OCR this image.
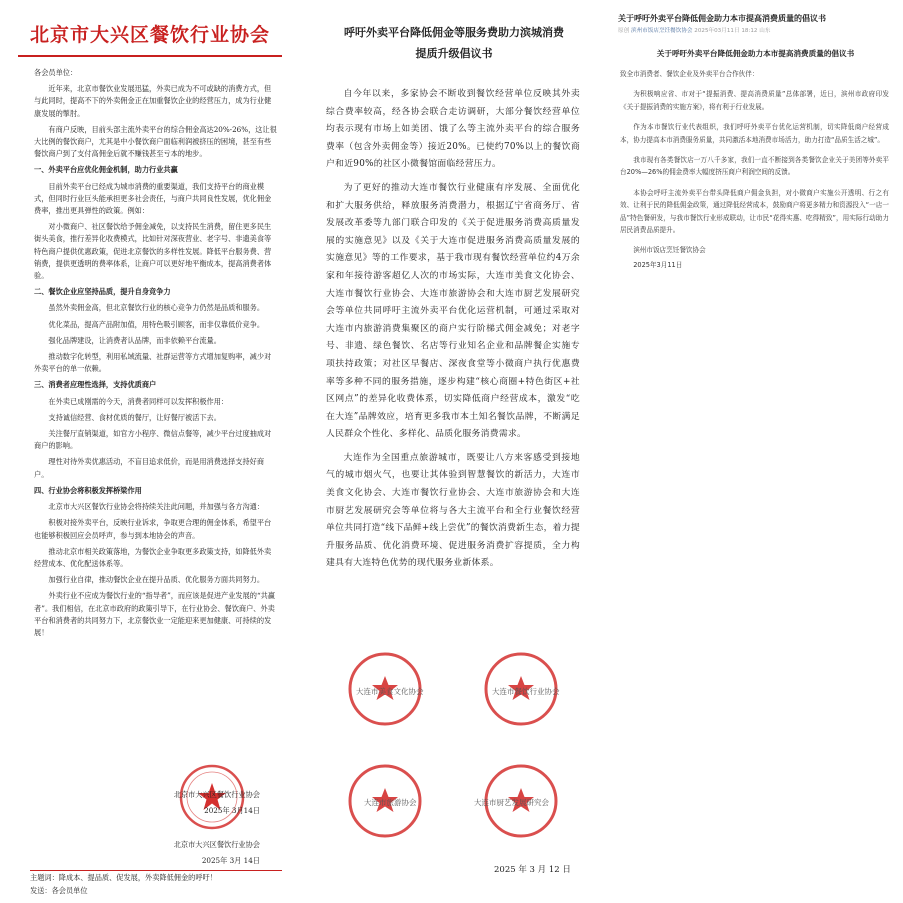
北京市大兴区餐饮行业协会

各会员单位：

近年来，北京市餐饮业发展迅猛，外卖已成为不可或缺的消费方式，但与此同时，提高不下的外卖佣金正在加重餐饮企业的经营压力，成为行业健康发展的掣肘。

有商户反映，目前头部主流外卖平台的综合佣金高达20%-26%，这让很大比例的餐饮商户，尤其是中小餐饮商户面临利润被挤压的困境，甚至有些餐饮商户到了支付高佣金后就不赚钱甚至亏本的地步。

一、外卖平台应优化佣金机制，助力行业共赢

目前外卖平台已经成为城市消费的重要渠道，我们支持平台的商业模式，但同时行业巨头能承担更多社会责任，与商户共同良性发展，优化佣金费率，推出更具弹性的政策。例如：

对小微商户、社区餐饮给予佣金减免，以支持民生消费，留住更多民生街头美食，推行差异化收费模式，比如针对深夜营业、老字号、非遗美食等特色商户提供优惠政策，促进北京餐饮的多样性发展。降低平台服务费、营销费，提供更透明的费率体系，让商户可以更好地平衡成本，提高消费者体验。

二、餐饮企业应坚持品质，提升自身竞争力

虽然外卖佣金高，但北京餐饮行业的核心竞争力仍然是品质和服务。

优化菜品，提高产品附加值，用特色吸引顾客，而非仅靠低价竞争。

强化品牌建设，让消费者认品牌，而非依赖平台流量。

推动数字化转型，利用私域流量、社群运营等方式增加复购率，减少对外卖平台的单一依赖。

三、消费者应理性选择，支持优质商户

在外卖已成刚需的今天，消费者同样可以发挥积极作用：

支持诚信经营、食材优质的餐厅，让好餐厅被活下去。

关注餐厅直销渠道，如官方小程序、微信点餐等，减少平台过度抽成对商户的影响。

理性对待外卖优惠活动，不盲目追求低价，而是用消费选择支持好商户。

四、行业协会将积极发挥桥梁作用

北京市大兴区餐饮行业协会将持续关注此问题，并加强与各方沟通：

积极对接外卖平台，反映行业诉求，争取更合理的佣金体系，希望平台也能够积极回应会员呼声，参与到本地协会的声音。

推动北京市相关政策落地，为餐饮企业争取更多政策支持，如降低外卖经营成本、优化配送体系等。

加强行业自律，推动餐饮企业在提升品质、优化服务方面共同努力。

外卖行业不应成为餐饮行业的“指导者”，而应该是促进产业发展的“共赢者”。我们相信，在北京市政府的政策引导下，在行业协会、餐饮商户、外卖平台和消费者的共同努力下，北京餐饮业一定能迎来更加健康、可持续的发展！

北京市大兴区餐饮行业协会
2025年 3月14日
北京市大兴区餐饮行业协会
2025年 3月 14日
主题词：降成本、提品质、促发展，外卖降低佣金的呼吁！
发送：各会员单位
呼吁外卖平台降低佣金等服务费助力滨城消费
提质升级倡议书

自今年以来，多家协会不断收到餐饮经营单位反映其外卖综合费率较高，经各协会联合走访调研，大部分餐饮经营单位均表示现有市场上如美团、饿了么等主流外卖平台的综合服务费率（包含外卖佣金等）接近20%。已使约70%以上的餐饮商户和近90%的社区小微餐馆面临经营压力。

为了更好的推动大连市餐饮行业健康有序发展、全面优化和扩大服务供给，释放服务消费潜力，根据辽宁省商务厅、省发展改革委等九部门联合印发的《关于促进服务消费高质量发展的实施意见》以及《关于大连市促进服务消费高质量发展的实施意见》等的工作要求，基于我市现有餐饮经营单位约4万余家和年接待游客超亿人次的市场实际，大连市美食文化协会、大连市餐饮行业协会、大连市旅游协会和大连市厨艺发展研究会等单位共同呼吁主流外卖平台优化运营机制，可通过采取对大连市内旅游消费集聚区的商户实行阶梯式佣金减免；对老字号、非遗、绿色餐饮、名店等行业知名企业和品牌餐企实施专项扶持政策；对社区早餐店、深夜食堂等小微商户执行优惠费率等多种不同的服务措施，逐步构建“核心商圈+特色街区+社区网点”的差异化收费体系，切实降低商户经营成本，激发“吃在大连”品牌效应，培育更多我市本土知名餐饮品牌，不断满足人民群众个性化、多样化、品质化服务消费需求。

大连作为全国重点旅游城市，既要让八方来客感受到接地气的城市烟火气，也要让其体验到智慧餐饮的新活力，大连市美食文化协会、大连市餐饮行业协会、大连市旅游协会和大连市厨艺发展研究会等单位将与各大主流平台和全行业餐饮经营单位共同打造“线下品鲜+线上尝优”的餐饮消费新生态，着力提升服务品质、优化消费环境、促进服务消费扩容提质，全力构建具有大连特色优势的现代服务业新体系。

大连市美食文化协会	大连市餐饮行业协会
大连市旅游协会	大连市厨艺发展研究会
2025 年 3 月 12 日
关于呼吁外卖平台降低佣金助力本市提高消费质量的倡议书
原创 滨州市饭店烹饪餐饮协会 2025年03月11日 18:12 山东
关于呼吁外卖平台降低佣金助力本市提高消费质量的倡议书

致全市消费者、餐饮企业及外卖平台合作伙伴：

为积极响应省、市对于“提振消费、提高消费质量”总体部署，近日，滨州市政府印发《关于提振消费的实施方案》，将有利于行业发展。

作为本市餐饮行业代表组织，我们呼吁外卖平台优化运营机制，切实降低商户经营成本，协力提高本市消费服务质量，共同激活本地消费市场活力，助力打造“品质生活之城”。

我市现有各类餐饮店一万八千多家，我们一直不断接到各类餐饮企业关于美团等外卖平台20%—26%的佣金费率大幅度挤压商户利润空间的反馈。

本协会呼吁主流外卖平台带头降低商户佣金负担，对小微商户实施公开透明、行之有效、让利于民的降低佣金政策，通过降低经营成本，鼓励商户将更多精力和资源投入“一店一品”特色餐研发，与我市餐饮行业形成联动，让市民“花得实惠、吃得精致”，用实际行动助力居民消费品质提升。

滨州市饭店烹饪餐饮协会

2025年3月11日
